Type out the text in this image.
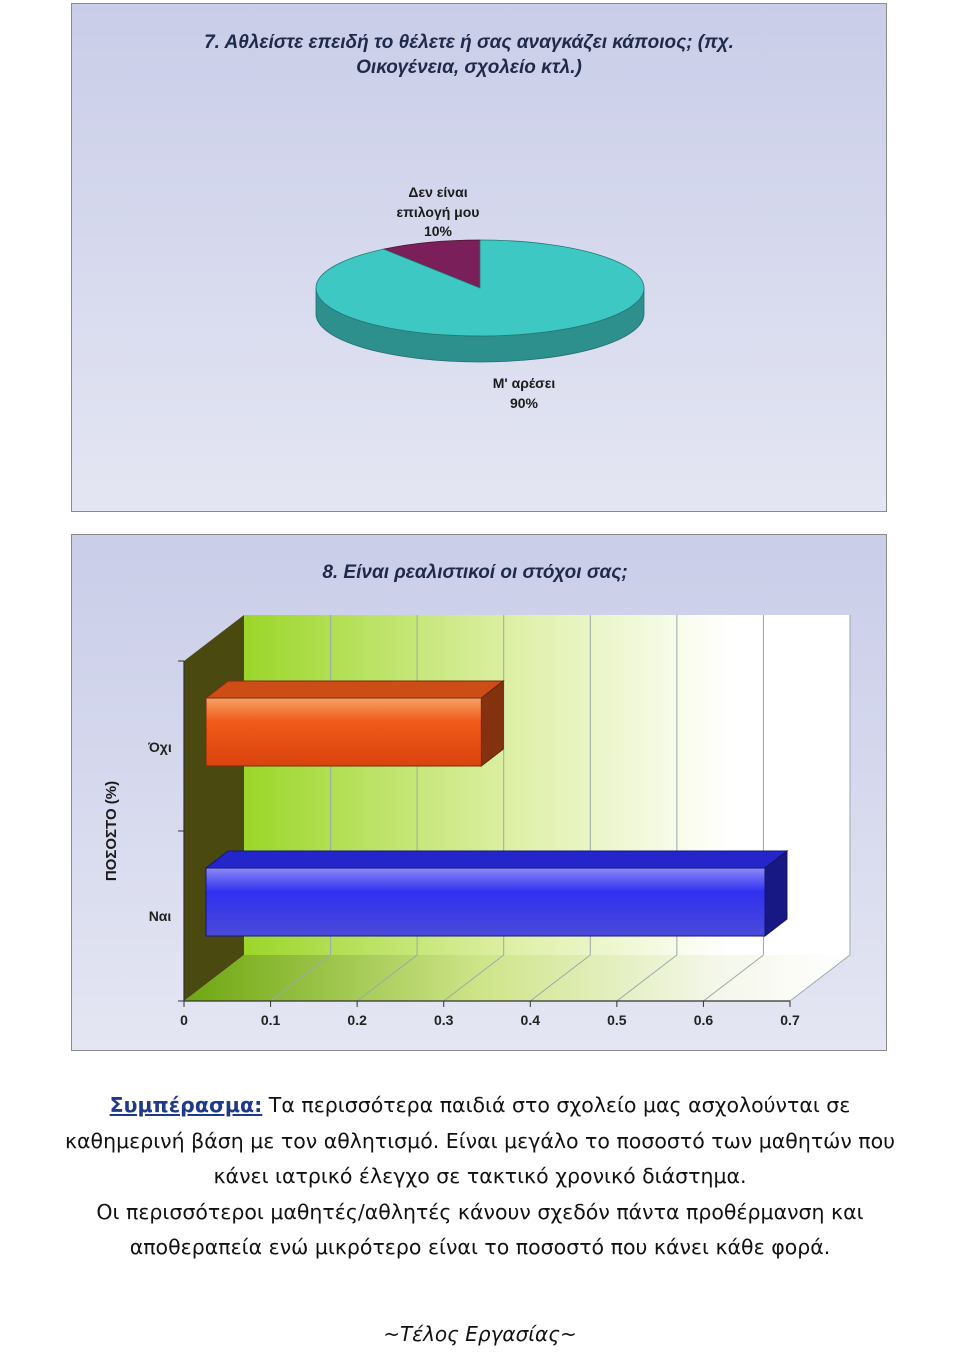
7. Αθλείστε επειδή το θέλετε ή σας αναγκάζει κάποιος; (πχ.
Οικογένεια, σχολείο κτλ.)
Δεν είναι
επιλογή μου
10%
Μ' αρέσει
90%
8. Είναι ρεαλιστικοί οι στόχοι σας;
0	0.1	0.2	0.3	0.4	0.5	0.6	0.7
Όχι
Ναι
ΠΟΣΟΣΤΟ (%)

Συμπέρασμα: Τα περισσότερα παιδιά στο σχολείο μας ασχολούνται σε

καθημερινή βάση με τον αθλητισμό. Είναι μεγάλο το ποσοστό των μαθητών που

κάνει ιατρικό έλεγχο σε τακτικό χρονικό διάστημα.

Οι περισσότεροι μαθητές/αθλητές κάνουν σχεδόν πάντα προθέρμανση και

αποθεραπεία ενώ μικρότερο είναι το ποσοστό που κάνει κάθε φορά.

~Τέλος Εργασίας~
